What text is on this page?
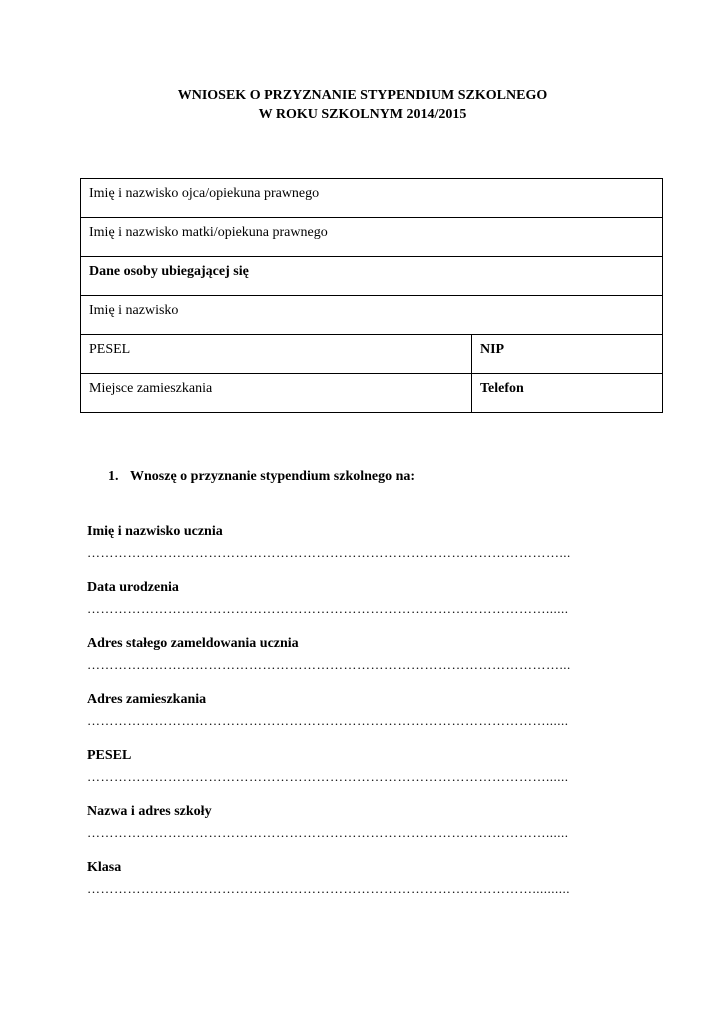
WNIOSEK O PRZYZNANIE STYPENDIUM SZKOLNEGO
W ROKU SZKOLNYM 2014/2015
Imię i nazwisko ojca/opiekuna prawnego	
Imię i nazwisko matki/opiekuna prawnego	
Dane osoby ubiegającej się	
Imię i nazwisko	
PESEL	NIP
Miejsce zamieszkania	Telefon
1. Wnoszę o przyznanie stypendium szkolnego na:
Imię i nazwisko ucznia
……………………………………………………………………………………………...
Data urodzenia
…………………………………………………………………………………………......
Adres stałego zameldowania ucznia
……………………………………………………………………………………………...
Adres zamieszkania
…………………………………………………………………………………………......
PESEL
…………………………………………………………………………………………......
Nazwa i adres szkoły
…………………………………………………………………………………………......
Klasa
………………………………………………………………………………………..........
